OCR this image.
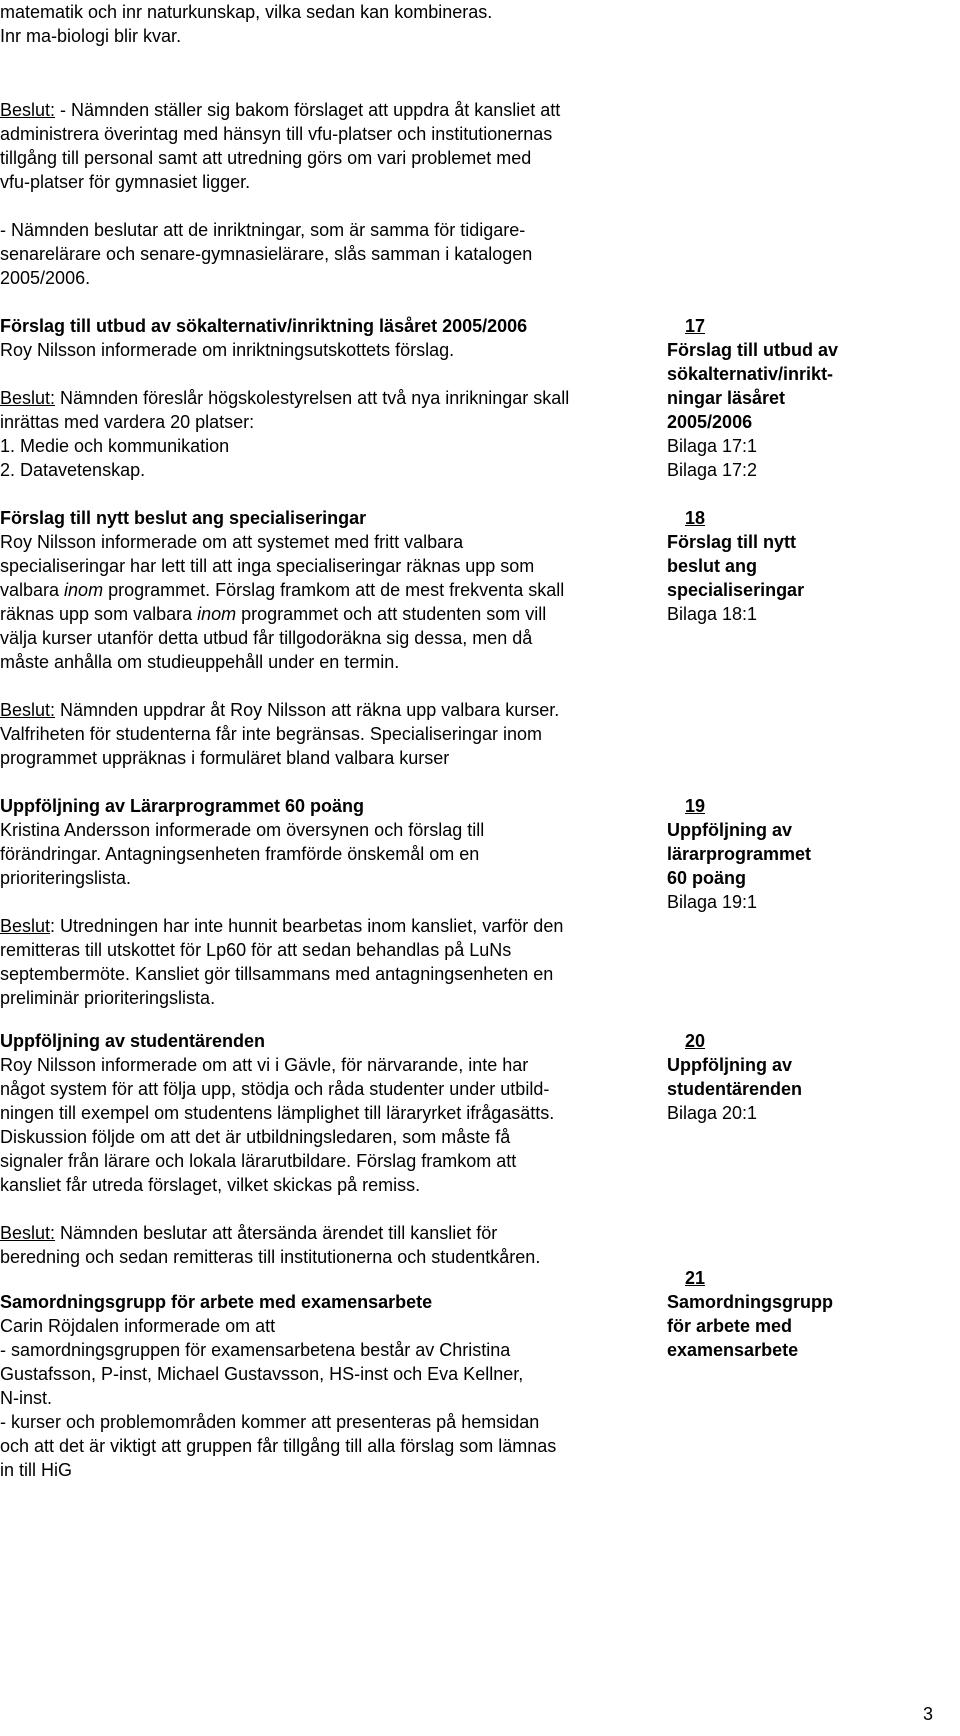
matematik och inr naturkunskap, vilka sedan kan kombineras.
Inr ma-biologi blir kvar.
Beslut: - Nämnden ställer sig bakom förslaget att uppdra åt kansliet att
administrera överintag med hänsyn till vfu-platser och institutionernas
tillgång till personal samt att utredning görs om vari problemet med
vfu-platser för gymnasiet ligger.
- Nämnden beslutar att de inriktningar, som är samma för tidigare-
senarelärare och senare-gymnasielärare, slås samman i katalogen
2005/2006.
Förslag till utbud av sökalternativ/inriktning läsåret 2005/2006
Roy Nilsson informerade om inriktningsutskottets förslag.
Beslut: Nämnden föreslår högskolestyrelsen att två nya inrikningar skall
inrättas med vardera 20 platser:
1. Medie och kommunikation
2. Datavetenskap.
17
Förslag till utbud av
sökalternativ/inrikt-
ningar läsåret
2005/2006
Bilaga 17:1
Bilaga 17:2
Förslag till nytt beslut ang specialiseringar
Roy Nilsson informerade om att systemet med fritt valbara
specialiseringar har lett till att inga specialiseringar räknas upp som
valbara inom programmet. Förslag framkom att de mest frekventa skall
räknas upp som valbara inom programmet och att studenten som vill
välja kurser utanför detta utbud får tillgodoräkna sig dessa, men då
måste anhålla om studieuppehåll under en termin.
Beslut: Nämnden uppdrar åt Roy Nilsson att räkna upp valbara kurser.
Valfriheten för studenterna får inte begränsas. Specialiseringar inom
programmet uppräknas i formuläret bland valbara kurser
18
Förslag till nytt
beslut ang
specialiseringar
Bilaga 18:1
Uppföljning av Lärarprogrammet 60 poäng
Kristina Andersson informerade om översynen och förslag till
förändringar. Antagningsenheten framförde önskemål om en
prioriteringslista.
Beslut: Utredningen har inte hunnit bearbetas inom kansliet, varför den
remitteras till utskottet för Lp60 för att sedan behandlas på LuNs
septembermöte. Kansliet gör tillsammans med antagningsenheten en
preliminär prioriteringslista.
19
Uppföljning av
lärarprogrammet
60 poäng
Bilaga 19:1
Uppföljning av studentärenden
Roy Nilsson informerade om att vi i Gävle, för närvarande, inte har
något system för att följa upp, stödja och råda studenter under utbild-
ningen till exempel om studentens lämplighet till läraryrket ifrågasätts.
Diskussion följde om att det är utbildningsledaren, som måste få
signaler från lärare och lokala lärarutbildare. Förslag framkom att
kansliet får utreda förslaget, vilket skickas på remiss.
Beslut: Nämnden beslutar att återsända ärendet till kansliet för
beredning och sedan remitteras till institutionerna och studentkåren.
20
Uppföljning av
studentärenden
Bilaga 20:1
Samordningsgrupp för arbete med examensarbete
Carin Röjdalen informerade om att
- samordningsgruppen för examensarbetena består av Christina
Gustafsson, P-inst, Michael Gustavsson, HS-inst och Eva Kellner,
N-inst.
- kurser och problemområden kommer att presenteras på hemsidan
och att det är viktigt att gruppen får tillgång till alla förslag som lämnas
in till HiG
21
Samordningsgrupp
för arbete med
examensarbete
3
